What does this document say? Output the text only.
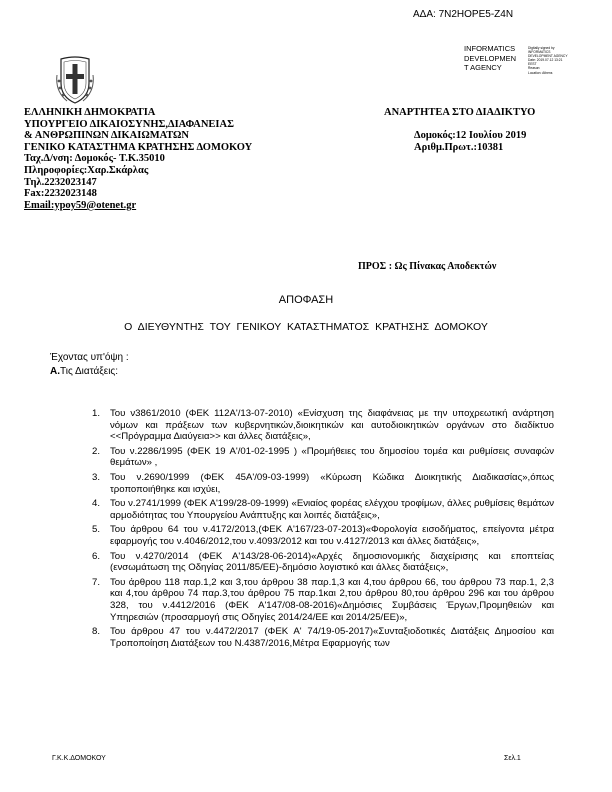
ΑΔΑ: 7Ν2ΗΟΡΕ5-Ζ4Ν
INFORMATICS
DEVELOPMEN
T AGENCY
Digitally signed by
INFORMATICS
DEVELOPMENT AGENCY
Date: 2019.07.12 13:21
EEST
Reason:
Location: Athens
ΕΛΛΗΝΙΚΗ ΔΗΜΟΚΡΑΤΙΑ
ΥΠΟΥΡΓΕΙΟ ΔΙΚΑΙΟΣΥΝΗΣ,ΔΙΑΦΑΝΕΙΑΣ
& ΑΝΘΡΩΠΙΝΩΝ ΔΙΚΑΙΩΜΑΤΩΝ
ΓΕΝΙΚΟ ΚΑΤΑΣΤΗΜΑ ΚΡΑΤΗΣΗΣ ΔΟΜΟΚΟΥ
Ταχ.Δ/νση: Δομοκός- Τ.Κ.35010
Πληροφορίες:Χαρ.Σκάρλας
Τηλ.2232023147
Fax:2232023148
Email:ypoy59@otenet.gr
ΑΝΑΡΤΗΤΕΑ ΣΤΟ ΔΙΑΔΙΚΤΥΟ
Δομοκός:12 Ιουλίου 2019
Αριθμ.Πρωτ.:10381
ΠΡΟΣ : Ως Πίνακας Αποδεκτών
ΑΠΟΦΑΣΗ
Ο ΔΙΕΥΘΥΝΤΗΣ ΤΟΥ ΓΕΝΙΚΟΥ ΚΑΤΑΣΤΗΜΑΤΟΣ ΚΡΑΤΗΣΗΣ ΔΟΜΟΚΟΥ
Έχοντας υπ'όψη :
Α.Τις Διατάξεις:
1. Του ν3861/2010 (ΦΕΚ 112Α'/13-07-2010) «Ενίσχυση της διαφάνειας με την υποχρεωτική ανάρτηση νόμων και πράξεων των κυβερνητικών,διοικητικών και αυτοδιοικητικών οργάνων στο διαδίκτυο <<Πρόγραμμα Διαύγεια>> και άλλες διατάξεις»,
2. Του ν.2286/1995 (ΦΕΚ 19 Α'/01-02-1995 ) «Προμήθειες του δημοσίου τομέα και ρυθμίσεις συναφών θεμάτων» ,
3. Του ν.2690/1999 (ΦΕΚ 45Α'/09-03-1999) «Κύρωση Κώδικα Διοικητικής Διαδικασίας»,όπως τροποποιήθηκε και ισχύει,
4. Του ν.2741/1999 (ΦΕΚ Α'199/28-09-1999) «Ενιαίος φορέας ελέγχου τροφίμων, άλλες ρυθμίσεις θεμάτων αρμοδιότητας του Υπουργείου Ανάπτυξης και λοιπές διατάξεις»,
5. Του άρθρου 64 του ν.4172/2013,(ΦΕΚ Α'167/23-07-2013)«Φορολογία εισοδήματος, επείγοντα μέτρα εφαρμογής του ν.4046/2012,του ν.4093/2012 και του ν.4127/2013 και άλλες διατάξεις»,
6. Του ν.4270/2014 (ΦΕΚ Α'143/28-06-2014)«Αρχές δημοσιονομικής διαχείρισης και εποπτείας (ενσωμάτωση της Οδηγίας 2011/85/ΕΕ)-δημόσιο λογιστικό και άλλες διατάξεις»,
7. Του άρθρου 118 παρ.1,2 και 3,του άρθρου 38 παρ.1,3 και 4,του άρθρου 66, του άρθρου 73 παρ.1, 2,3 και 4,του άρθρου 74 παρ.3,του άρθρου 75 παρ.1και 2,του άρθρου 80,του άρθρου 296 και του άρθρου 328, του ν.4412/2016 (ΦΕΚ Α'147/08-08-2016)«Δημόσιες Συμβάσεις Έργων,Προμηθειών και Υπηρεσιών (προσαρμογή στις Οδηγίες 2014/24/ΕΕ και 2014/25/ΕΕ)»,
8. Του άρθρου 47 του ν.4472/2017 (ΦΕΚ Α' 74/19-05-2017)«Συνταξιοδοτικές Διατάξεις Δημοσίου και Τροποποίηση Διατάξεων του Ν.4387/2016,Μέτρα Εφαρμογής των
Γ.Κ.Κ.ΔΟΜΟΚΟΥ	Σελ.1
